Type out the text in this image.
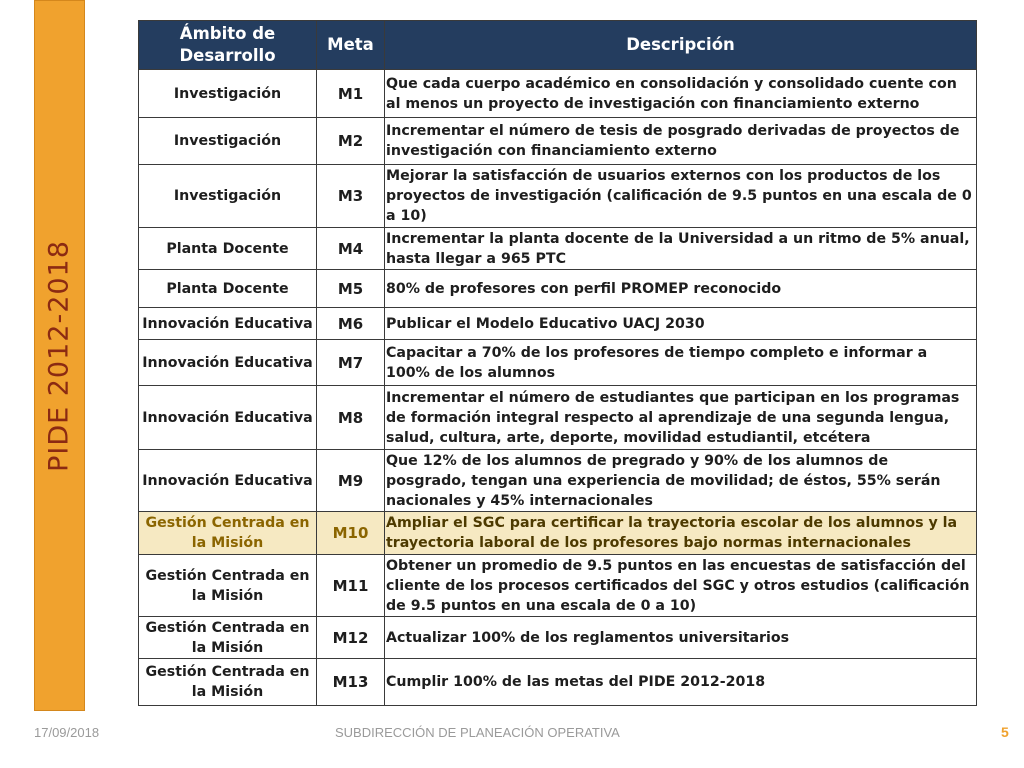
PIDE 2012-2018
Ámbito de Desarrollo	Meta	Descripción
Investigación	M1	Que cada cuerpo académico en consolidación y consolidado cuente con al menos un proyecto de investigación con financiamiento externo
Investigación	M2	Incrementar el número de tesis de posgrado derivadas de proyectos de investigación con financiamiento externo
Investigación	M3	Mejorar la satisfacción de usuarios externos con los productos de los proyectos de investigación (calificación de 9.5 puntos en una escala de 0 a 10)
Planta Docente	M4	Incrementar la planta docente de la Universidad a un ritmo de 5% anual, hasta llegar a 965 PTC
Planta Docente	M5	80% de profesores con perfil PROMEP reconocido
Innovación Educativa	M6	Publicar el Modelo Educativo UACJ 2030
Innovación Educativa	M7	Capacitar a 70% de los profesores de tiempo completo e informar a 100% de los alumnos
Innovación Educativa	M8	Incrementar el número de estudiantes que participan en los programas de formación integral respecto al aprendizaje de una segunda lengua, salud, cultura, arte, deporte, movilidad estudiantil, etcétera
Innovación Educativa	M9	Que 12% de los alumnos de pregrado y 90% de los alumnos de posgrado, tengan una experiencia de movilidad; de éstos, 55% serán nacionales y 45% internacionales
Gestión Centrada en la Misión	M10	Ampliar el SGC para certificar la trayectoria escolar de los alumnos y la trayectoria laboral de los profesores bajo normas internacionales
Gestión Centrada en la Misión	M11	Obtener un promedio de 9.5 puntos en las encuestas de satisfacción del cliente de los procesos certificados del SGC y otros estudios (calificación de 9.5 puntos en una escala de 0 a 10)
Gestión Centrada en la Misión	M12	Actualizar 100% de los reglamentos universitarios
Gestión Centrada en la Misión	M13	Cumplir 100% de las metas del PIDE 2012-2018
17/09/2018	SUBDIRECCIÓN DE PLANEACIÓN OPERATIVA	5
